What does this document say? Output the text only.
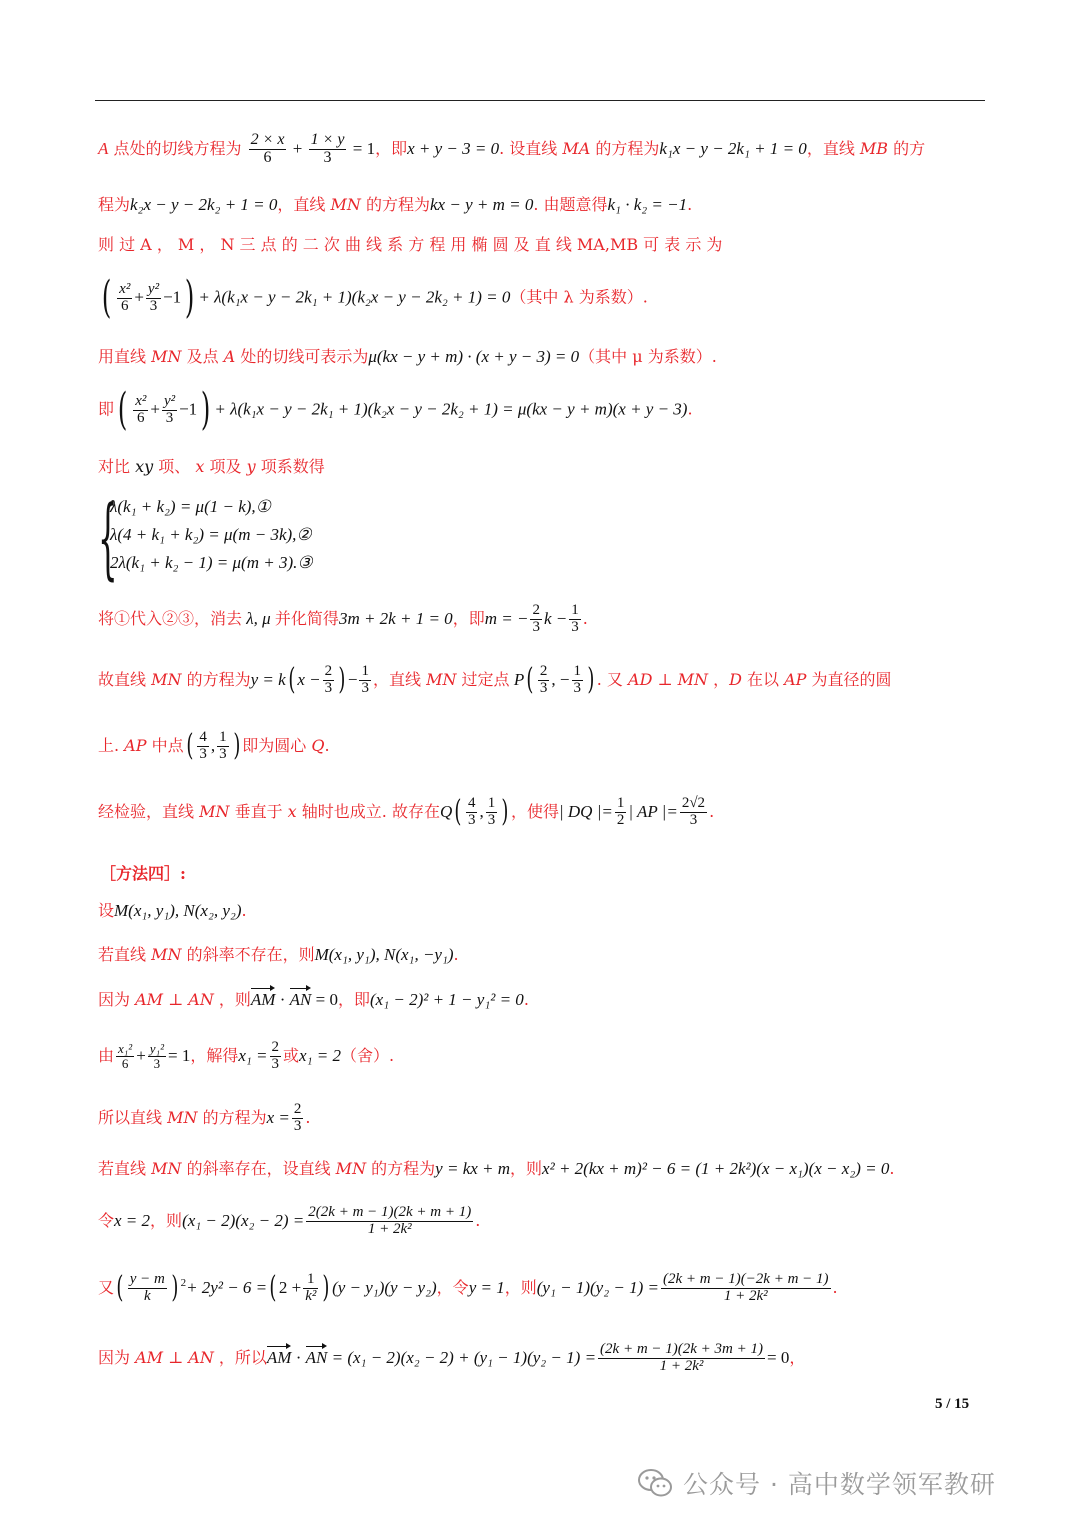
A 点处的切线方程为 $\frac{2 \times x}{6} + \frac{1 \times y}{3} = 1$，即x + y − 3 = 0. 设直线 MA 的方程为k₁x − y − 2k₁ + 1 = 0，直线 MB 的方
程为k₂x − y − 2k₂ + 1 = 0，直线 MN 的方程为kx − y + m = 0. 由题意得k₁ · k₂ = −1.
则 过 A ， M ， N 三 点 的 二 次 曲 线 系 方 程 用 椭 圆 及 直 线 MA,MB 可 表 示 为
( $\frac{\text{x²}}{6} + \frac{\text{y²}}{3} -1) + \lambda(k_1x - y - 2k_1 + 1)(k_2x - y - 2k_2 + 1) = 0$（其中 λ 为系数）.
用直线 MN 及点 A 处的切线可表示为μ(kx − y + m) · (x + y − 3) = 0（其中 μ 为系数）.
即( $\frac{\text{x²}}{6} + \frac{\text{y²}}{3} -1) + \lambda(k_1x - y - 2k_1 + 1)(k_2x - y - 2k_2 + 1) = \mu(kx - y + m)(x + y - 3)$.
对比 xy 项、 x 项及 y 项系数得
{
λ(k₁ + k₂) = μ(1 − k),①
λ(4 + k₁ + k₂) = μ(m − 3k),②
2λ(k₁ + k₂ − 1) = μ(m + 3).③
将①代入②③，消去 λ, μ 并化简得3m + 2k + 1 = 0，即m = − $\frac{2}{3}$ $k - \frac{1}{3}$ .
故直线 MN 的方程为y = k( $x - \frac{2}{3}$ ) − $\frac{1}{3}$ ，直线 MN 过定点 $P( \frac{2}{3}$ , − $\frac{1}{3}$ ) . 又 AD ⊥ MN ，D 在以 AP 为直径的圆
上. AP 中点( $\frac{4}{3}$ , $\frac{1}{3}$ ) 即为圆心 Q.
经检验，直线 MN 垂直于 x 轴时也成立. 故存在$Q( \frac{4}{3}$ , $\frac{1}{3}$ ) ，使得| DQ |= $\frac{1}{2}$ | AP |= $\frac{2√2}{3}$ .
［方法四］:
设M(x₁, y₁), N(x₂, y₂).
若直线 MN 的斜率不存在，则M(x₁, y₁), N(x₁, −y₁).
因为 AM ⊥ AN ，则AM · AN = 0，即(x₁ − 2)² + 1 − y₁² = 0.
由 $\frac{\text{x₁²}}{6} + \frac{\text{y₁²}}{3} = 1$，解得$x_1 = \frac{2}{3}$ 或x₁ = 2（舍）.
所以直线 MN 的方程为$x = \frac{2}{3}$ .
若直线 MN 的斜率存在，设直线 MN 的方程为y = kx + m，则x² + 2(kx + m)² − 6 = (1 + 2k²)(x − x₁)(x − x₂) = 0.
令x = 2，则$(x_1 - 2)(x_2 - 2) = \frac{2(2k + m - 1)(2k + m + 1)}{\text{1 + 2k²}}$ .
又( $\frac{y - m}{k}$ ) $^2$+ 2y² − 6 =( $2 + \frac{1}{\text{k²}}$ ) (y − y₁)(y − y₂)，令y = 1，则$(y_1 - 1)(y_2 - 1) = \frac{(2k + m - 1)(-2k + m - 1)}{\text{1 + 2k²}}$ .
因为 AM ⊥ AN ，所以AM · AN = $(x_1 - 2)(x_2 - 2) + (y_1 - 1)(y_2 - 1) = \frac{(2k + m - 1)(2k + 3m + 1)}{\text{1 + 2k²}} = 0$，
5 / 15
公众号 · 高中数学领军教研
